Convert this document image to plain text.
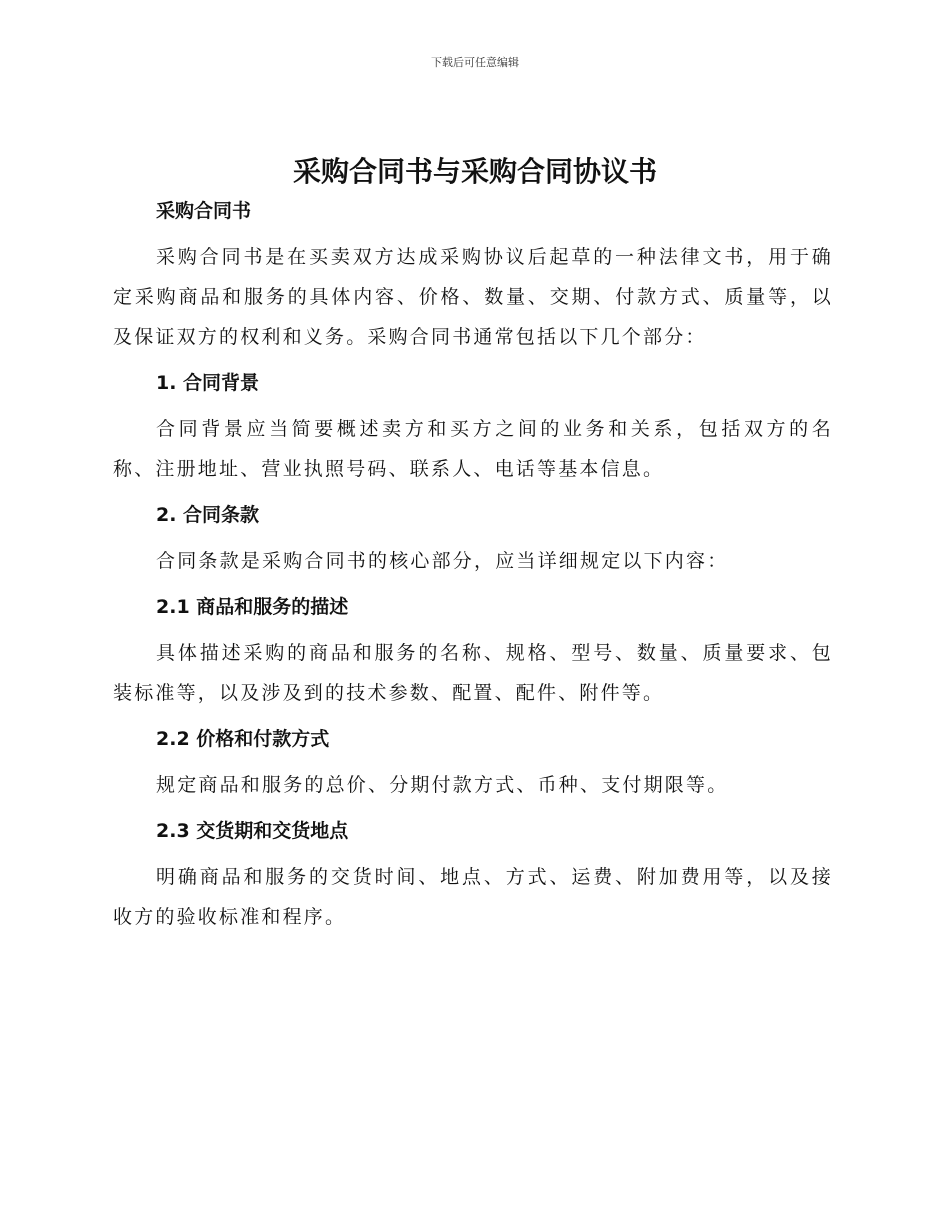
下载后可任意编辑
采购合同书与采购合同协议书

采购合同书

采购合同书是在买卖双方达成采购协议后起草的一种法律文书，用于确定采购商品和服务的具体内容、价格、数量、交期、付款方式、质量等，以及保证双方的权利和义务。采购合同书通常包括以下几个部分：

1. 合同背景

合同背景应当简要概述卖方和买方之间的业务和关系，包括双方的名称、注册地址、营业执照号码、联系人、电话等基本信息。

2. 合同条款

合同条款是采购合同书的核心部分，应当详细规定以下内容：

2.1 商品和服务的描述

具体描述采购的商品和服务的名称、规格、型号、数量、质量要求、包装标准等，以及涉及到的技术参数、配置、配件、附件等。

2.2 价格和付款方式

规定商品和服务的总价、分期付款方式、币种、支付期限等。

2.3 交货期和交货地点

明确商品和服务的交货时间、地点、方式、运费、附加费用等，以及接收方的验收标准和程序。
